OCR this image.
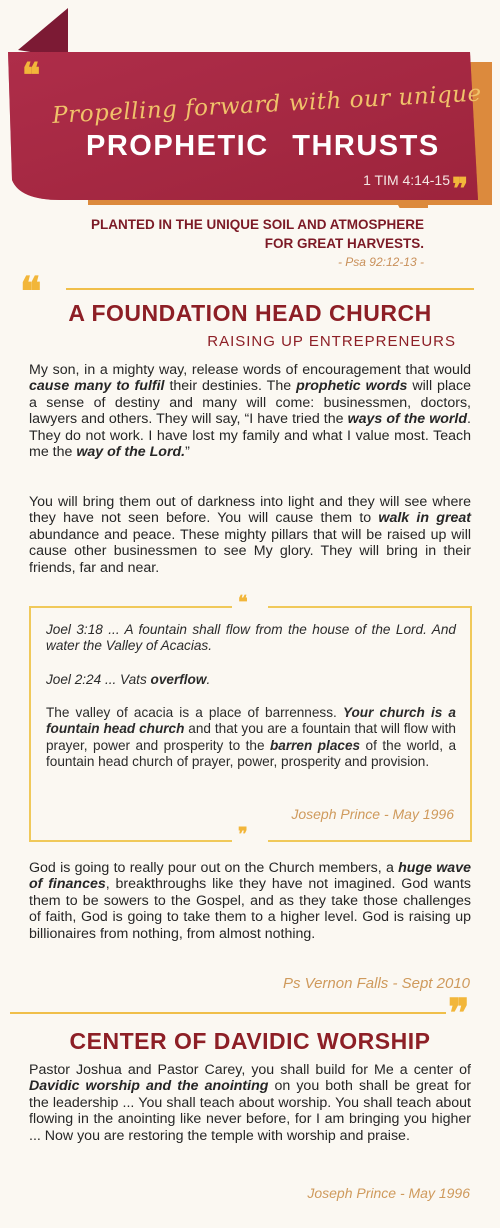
❝
Propelling forward with our unique
PROPHETIC THRUSTS
1 TIM 4:14-15 ❞
PLANTED IN THE UNIQUE SOIL AND ATMOSPHERE
FOR GREAT HARVESTS.
- Psa 92:12-13 -
❝	A FOUNDATION HEAD CHURCH
RAISING UP ENTREPRENEURS
My son, in a mighty way, release words of encouragement that would cause many to fulfil their destinies. The prophetic words will place a sense of destiny and many will come: businessmen, doctors, lawyers and others. They will say, “I have tried the ways of the world. They do not work. I have lost my family and what I value most. Teach me the way of the Lord.”
You will bring them out of darkness into light and they will see where they have not seen before. You will cause them to walk in great abundance and peace. These mighty pillars that will be raised up will cause other businessmen to see My glory. They will bring in their friends, far and near.
❝
❞
Joel 3:18 ... A fountain shall flow from the house of the Lord. And water the Valley of Acacias.
Joel 2:24 ... Vats overflow.
The valley of acacia is a place of barrenness. Your church is a fountain head church and that you are a fountain that will flow with prayer, power and prosperity to the barren places of the world, a fountain head church of prayer, power, prosperity and provision.
Joseph Prince - May 1996
God is going to really pour out on the Church members, a huge wave of finances, breakthroughs like they have not imagined. God wants them to be sowers to the Gospel, and as they take those challenges of faith, God is going to take them to a higher level. God is raising up billionaires from nothing, from almost nothing.
Ps Vernon Falls - Sept 2010
❞
CENTER OF DAVIDIC WORSHIP
Pastor Joshua and Pastor Carey, you shall build for Me a center of Davidic worship and the anointing on you both shall be great for the leadership ... You shall teach about worship. You shall teach about flowing in the anointing like never before, for I am bringing you higher ... Now you are restoring the temple with worship and praise.
Joseph Prince - May 1996
